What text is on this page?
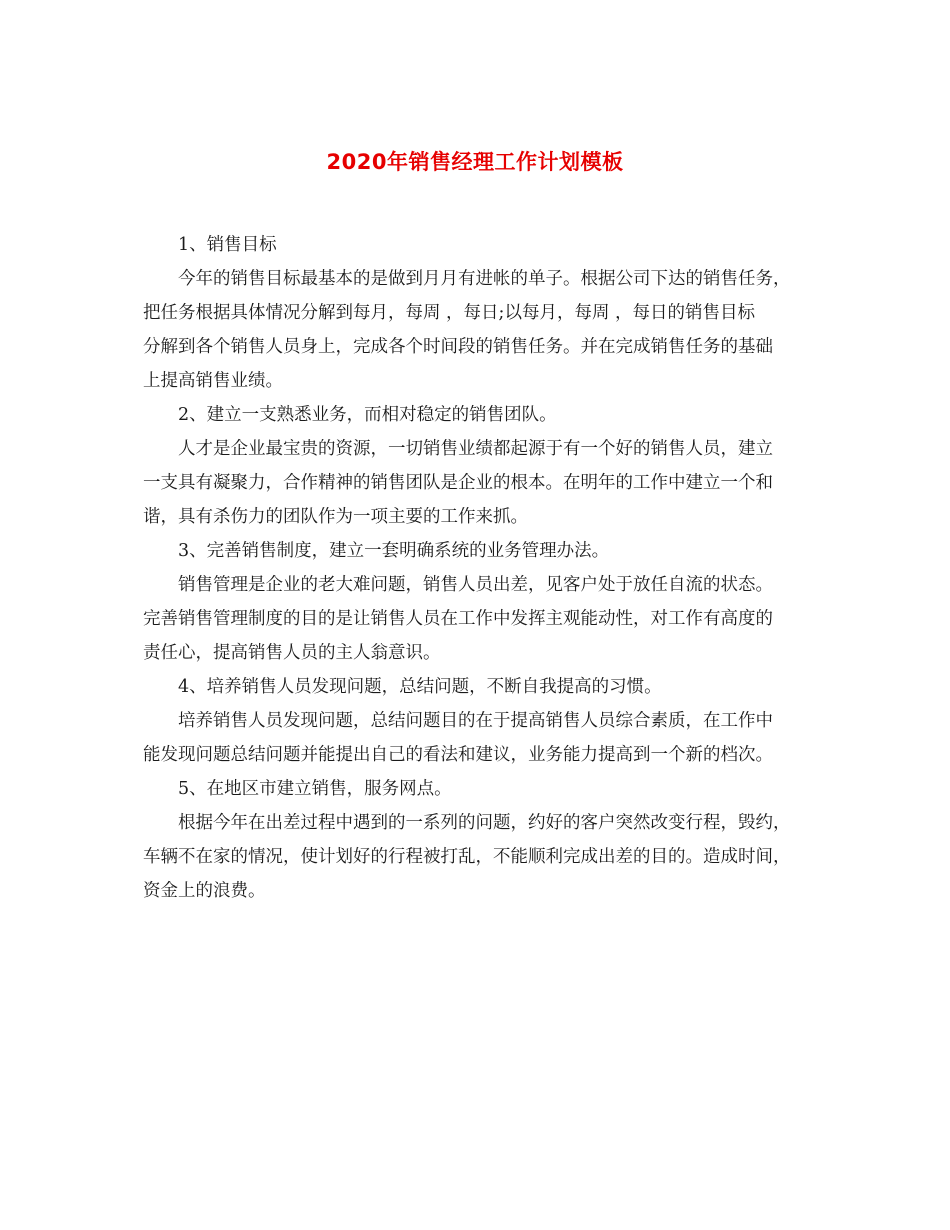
2020年销售经理工作计划模板
1、销售目标
今年的销售目标最基本的是做到月月有进帐的单子。根据公司下达的销售任务，
把任务根据具体情况分解到每月，每周 ，每日;以每月，每周 ，每日的销售目标
分解到各个销售人员身上，完成各个时间段的销售任务。并在完成销售任务的基础
上提高销售业绩。
2、建立一支熟悉业务，而相对稳定的销售团队。
人才是企业最宝贵的资源，一切销售业绩都起源于有一个好的销售人员，建立
一支具有凝聚力，合作精神的销售团队是企业的根本。在明年的工作中建立一个和
谐，具有杀伤力的团队作为一项主要的工作来抓。
3、完善销售制度，建立一套明确系统的业务管理办法。
销售管理是企业的老大难问题，销售人员出差，见客户处于放任自流的状态。
完善销售管理制度的目的是让销售人员在工作中发挥主观能动性，对工作有高度的
责任心，提高销售人员的主人翁意识。
4、培养销售人员发现问题，总结问题，不断自我提高的习惯。
培养销售人员发现问题，总结问题目的在于提高销售人员综合素质，在工作中
能发现问题总结问题并能提出自己的看法和建议，业务能力提高到一个新的档次。
5、在地区市建立销售，服务网点。
根据今年在出差过程中遇到的一系列的问题，约好的客户突然改变行程，毁约，
车辆不在家的情况，使计划好的行程被打乱，不能顺利完成出差的目的。造成时间，
资金上的浪费。
